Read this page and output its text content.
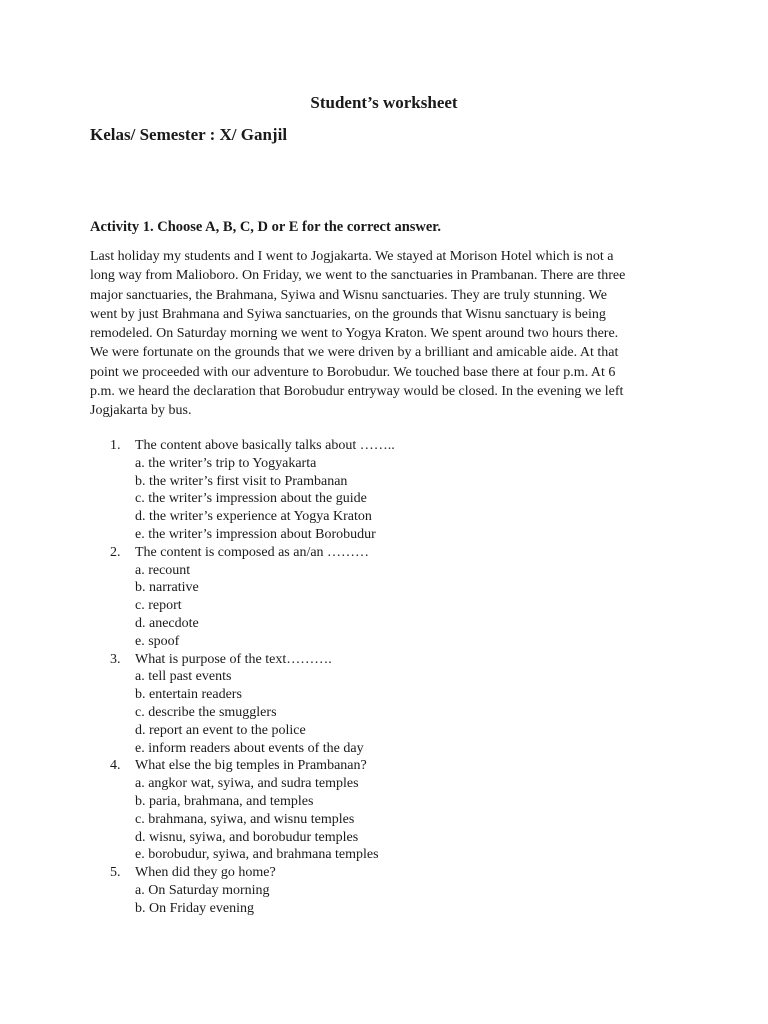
Student’s worksheet
Kelas/ Semester : X/ Ganjil
Activity 1. Choose A, B, C, D or E for the correct answer.
Last holiday my students and I went to Jogjakarta. We stayed at Morison Hotel which is not a
long way from Malioboro. On Friday, we went to the sanctuaries in Prambanan. There are three
major sanctuaries, the Brahmana, Syiwa and Wisnu sanctuaries. They are truly stunning. We
went by just Brahmana and Syiwa sanctuaries, on the grounds that Wisnu sanctuary is being
remodeled. On Saturday morning we went to Yogya Kraton. We spent around two hours there.
We were fortunate on the grounds that we were driven by a brilliant and amicable aide. At that
point we proceeded with our adventure to Borobudur. We touched base there at four p.m. At 6
p.m. we heard the declaration that Borobudur entryway would be closed. In the evening we left
Jogjakarta by bus.
1.	The content above basically talks about ……..
a. the writer’s trip to Yogyakarta
b. the writer’s first visit to Prambanan
c. the writer’s impression about the guide
d. the writer’s experience at Yogya Kraton
e. the writer’s impression about Borobudur
2.	The content is composed as an/an ………
a. recount
b. narrative
c. report
d. anecdote
e. spoof
3.	What is purpose of the text……….
a. tell past events
b. entertain readers
c. describe the smugglers
d. report an event to the police
e. inform readers about events of the day
4.	What else the big temples in Prambanan?
a. angkor wat, syiwa, and sudra temples
b. paria, brahmana, and temples
c. brahmana, syiwa, and wisnu temples
d. wisnu, syiwa, and borobudur temples
e. borobudur, syiwa, and brahmana temples
5.	When did they go home?
a. On Saturday morning
b. On Friday evening
